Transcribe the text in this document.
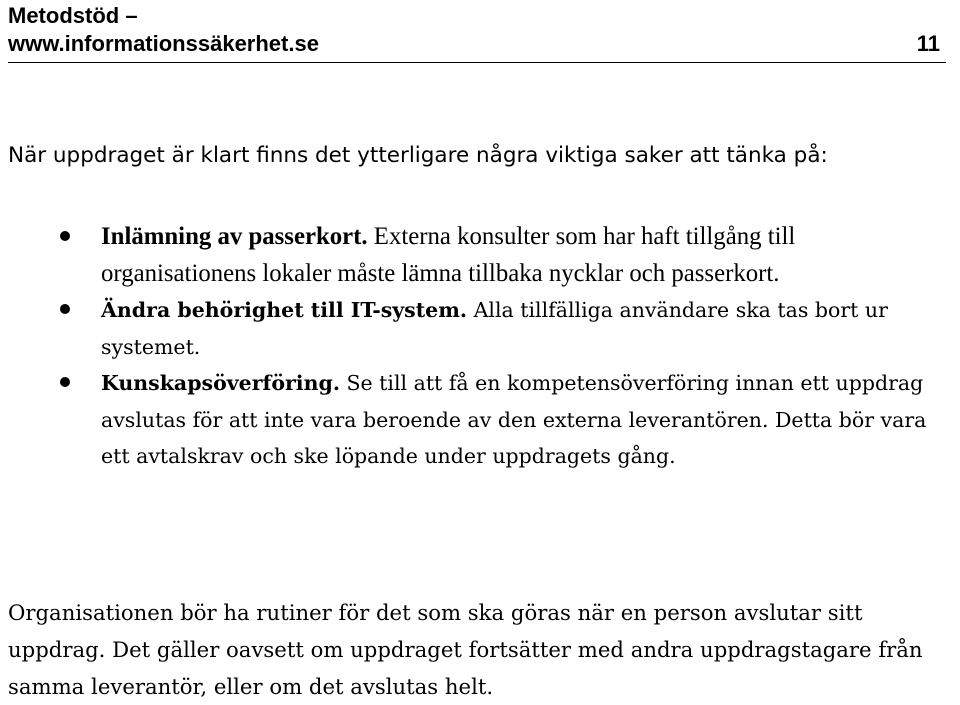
Metodstöd –
www.informationssäkerhet.se	11

När uppdraget är klart finns det ytterligare några viktiga saker att tänka på:

Inlämning av passerkort. Externa konsulter som har haft tillgång till organisationens lokaler måste lämna tillbaka nycklar och passerkort.
Ändra behörighet till IT-system. Alla tillfälliga användare ska tas bort ur systemet.
Kunskapsöverföring. Se till att få en kompetensöverföring innan ett uppdrag avslutas för att inte vara beroende av den externa leverantören. Detta bör vara ett avtalskrav och ske löpande under uppdragets gång.

Organisationen bör ha rutiner för det som ska göras när en person avslutar sitt uppdrag. Det gäller oavsett om uppdraget fortsätter med andra uppdragstagare från samma leverantör, eller om det avslutas helt.
